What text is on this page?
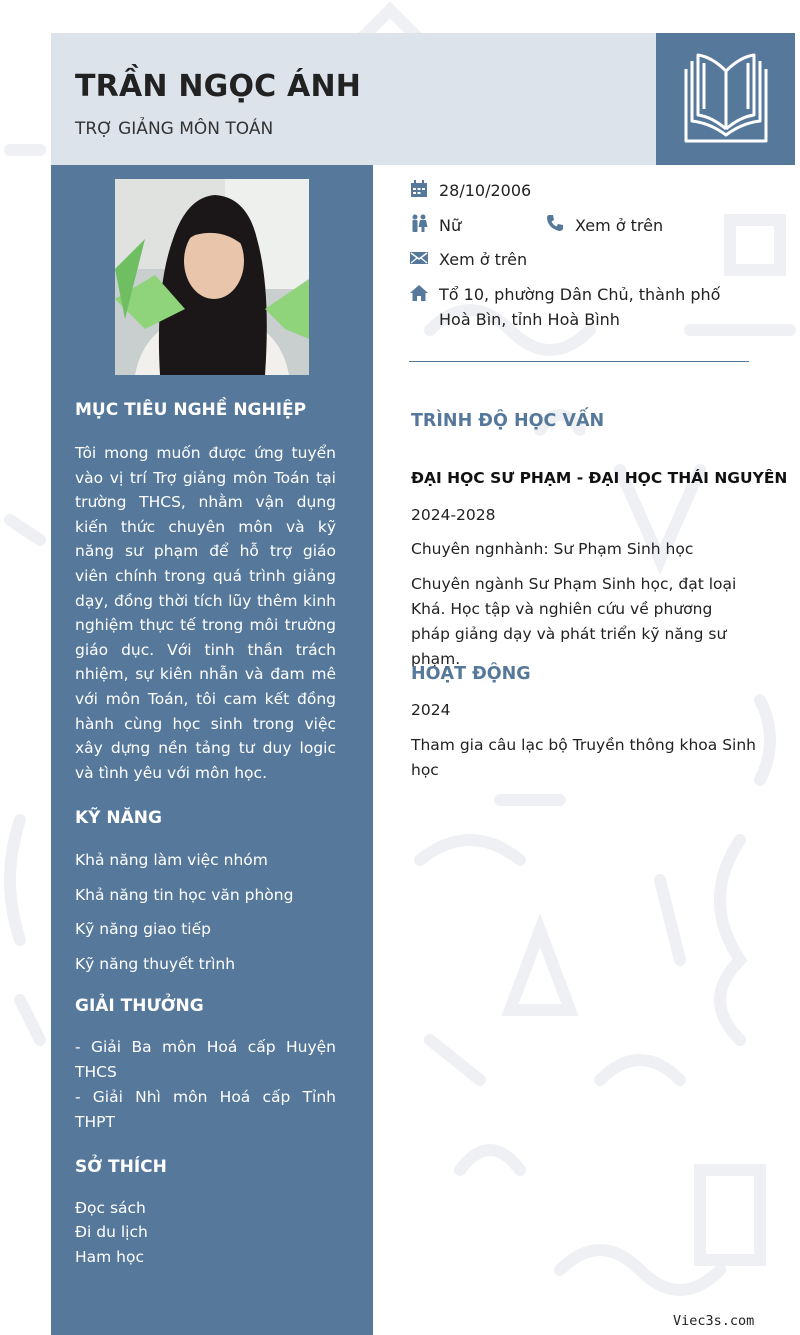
TRẦN NGỌC ÁNH
TRỢ GIẢNG MÔN TOÁN
MỤC TIÊU NGHỀ NGHIỆP
Tôi mong muốn được ứng tuyển vào vị trí Trợ giảng môn Toán tại trường THCS, nhằm vận dụng kiến thức chuyên môn và kỹ năng sư phạm để hỗ trợ giáo viên chính trong quá trình giảng dạy, đồng thời tích lũy thêm kinh nghiệm thực tế trong môi trường giáo dục. Với tinh thần trách nhiệm, sự kiên nhẫn và đam mê với môn Toán, tôi cam kết đồng hành cùng học sinh trong việc xây dựng nền tảng tư duy logic và tình yêu với môn học.
KỸ NĂNG
Khả năng làm việc nhóm
Khả năng tin học văn phòng
Kỹ năng giao tiếp
Kỹ năng thuyết trình
GIẢI THƯỞNG
- Giải Ba môn Hoá cấp Huyện THCS
- Giải Nhì môn Hoá cấp Tỉnh THPT
SỞ THÍCH
Đọc sách
Đi du lịch
Ham học
28/10/2006
Nữ	Xem ở trên
Xem ở trên
Tổ 10, phường Dân Chủ, thành phố
Hoà Bìn, tỉnh Hoà Bình
TRÌNH ĐỘ HỌC VẤN
ĐẠI HỌC SƯ PHẠM - ĐẠI HỌC THÁI NGUYÊN
2024-2028
Chuyên ngnhành: Sư Phạm Sinh học
Chuyên ngành Sư Phạm Sinh học, đạt loại Khá. Học tập và nghiên cứu về phương pháp giảng dạy và phát triển kỹ năng sư phạm.
HOẠT ĐỘNG
2024
Tham gia câu lạc bộ Truyền thông khoa Sinh học
Viec3s.com
